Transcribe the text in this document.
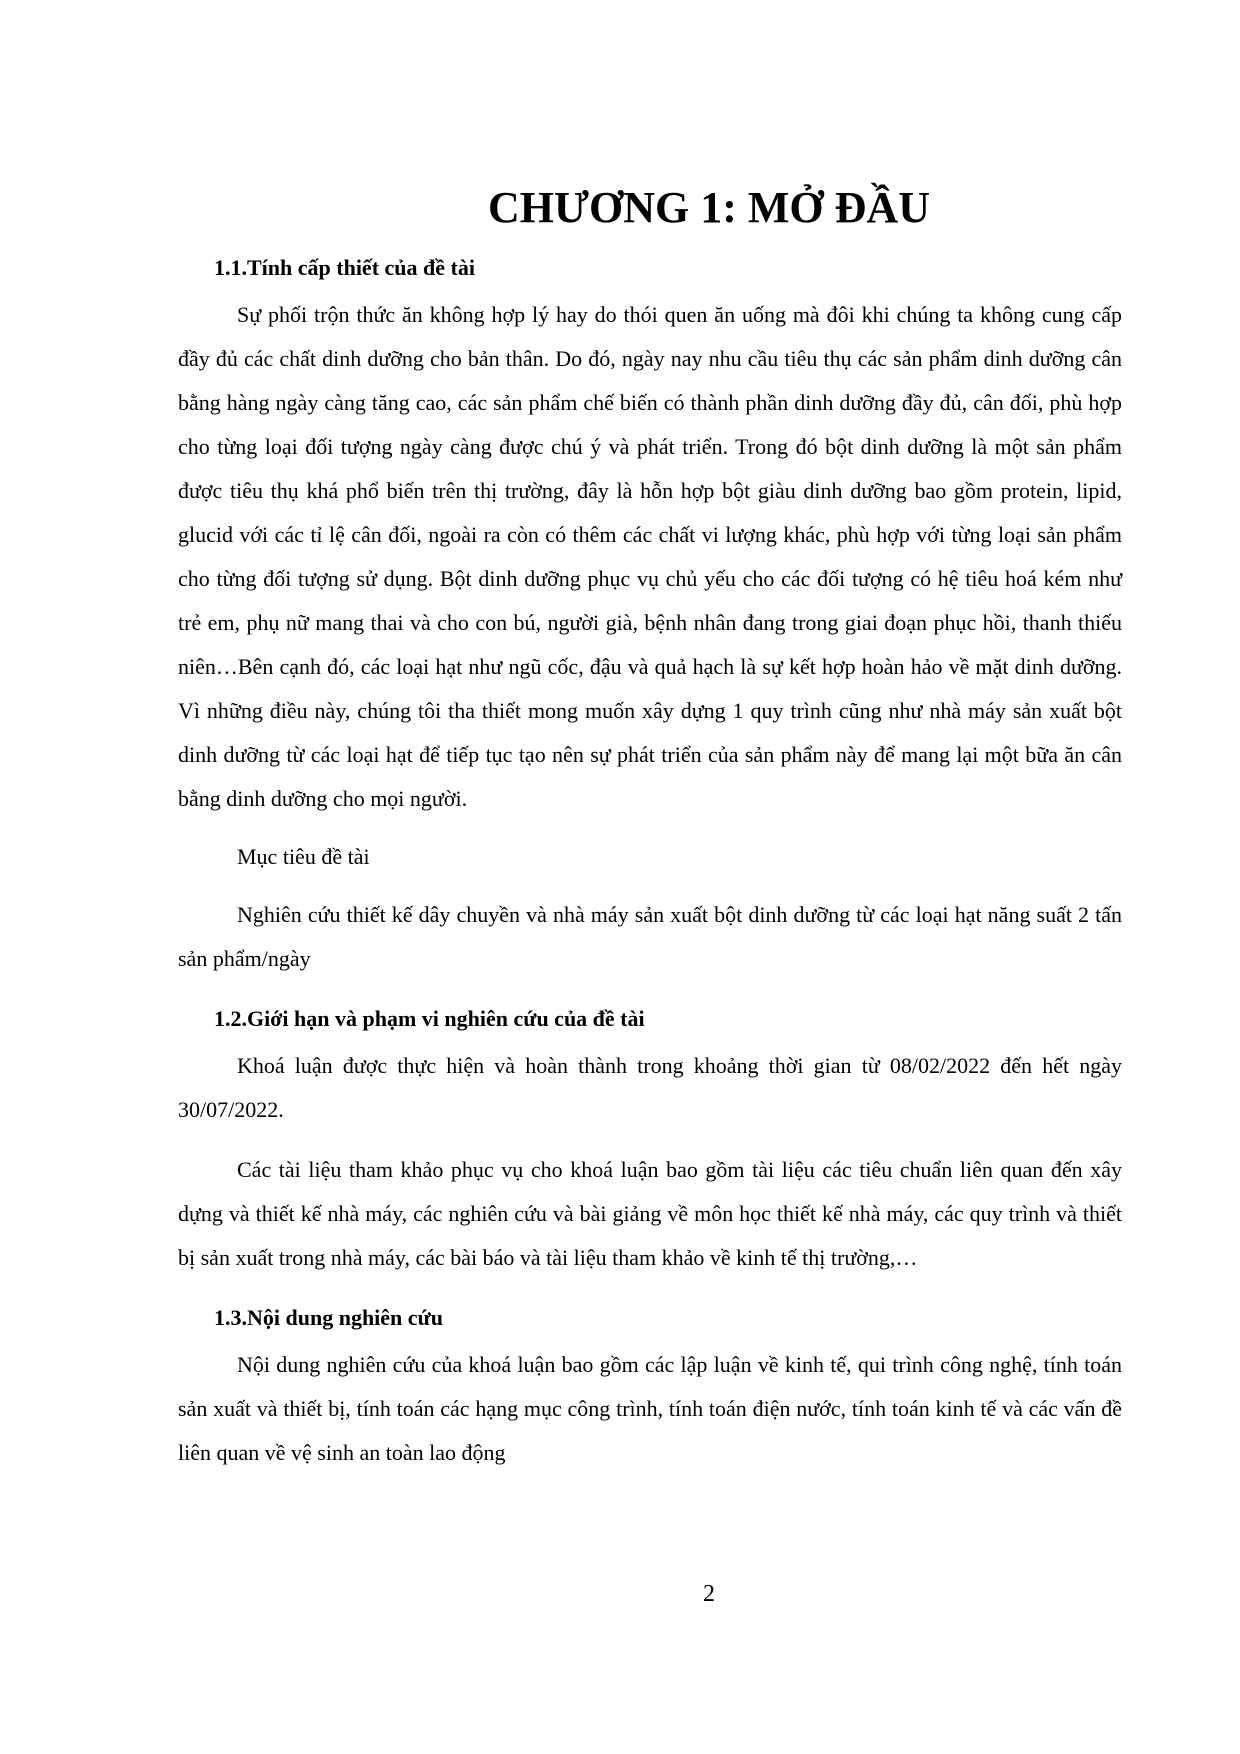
CHƯƠNG 1: MỞ ĐẦU
1.1.Tính cấp thiết của đề tài

Sự phối trộn thức ăn không hợp lý hay do thói quen ăn uống mà đôi khi chúng ta không cung cấp đầy đủ các chất dinh dưỡng cho bản thân. Do đó, ngày nay nhu cầu tiêu thụ các sản phẩm dinh dưỡng cân bằng hàng ngày càng tăng cao, các sản phẩm chế biến có thành phần dinh dưỡng đầy đủ, cân đối, phù hợp cho từng loại đối tượng ngày càng được chú ý và phát triển. Trong đó bột dinh dưỡng là một sản phẩm được tiêu thụ khá phổ biến trên thị trường, đây là hỗn hợp bột giàu dinh dưỡng bao gồm protein, lipid, glucid với các tỉ lệ cân đối, ngoài ra còn có thêm các chất vi lượng khác, phù hợp với từng loại sản phẩm cho từng đối tượng sử dụng. Bột dinh dưỡng phục vụ chủ yếu cho các đối tượng có hệ tiêu hoá kém như trẻ em, phụ nữ mang thai và cho con bú, người già, bệnh nhân đang trong giai đoạn phục hồi, thanh thiếu niên…Bên cạnh đó, các loại hạt như ngũ cốc, đậu và quả hạch là sự kết hợp hoàn hảo về mặt dinh dưỡng. Vì những điều này, chúng tôi tha thiết mong muốn xây dựng 1 quy trình cũng như nhà máy sản xuất bột dinh dưỡng từ các loại hạt để tiếp tục tạo nên sự phát triển của sản phẩm này để mang lại một bữa ăn cân bằng dinh dưỡng cho mọi người.

Mục tiêu đề tài

Nghiên cứu thiết kế dây chuyền và nhà máy sản xuất bột dinh dưỡng từ các loại hạt năng suất 2 tấn sản phẩm/ngày

1.2.Giới hạn và phạm vi nghiên cứu của đề tài

Khoá luận được thực hiện và hoàn thành trong khoảng thời gian từ 08/02/2022 đến hết ngày 30/07/2022.

Các tài liệu tham khảo phục vụ cho khoá luận bao gồm tài liệu các tiêu chuẩn liên quan đến xây dựng và thiết kế nhà máy, các nghiên cứu và bài giảng về môn học thiết kế nhà máy, các quy trình và thiết bị sản xuất trong nhà máy, các bài báo và tài liệu tham khảo về kinh tế thị trường,…

1.3.Nội dung nghiên cứu

Nội dung nghiên cứu của khoá luận bao gồm các lập luận về kinh tế, qui trình công nghệ, tính toán sản xuất và thiết bị, tính toán các hạng mục công trình, tính toán điện nước, tính toán kinh tế và các vấn đề liên quan về vệ sinh an toàn lao động

2
